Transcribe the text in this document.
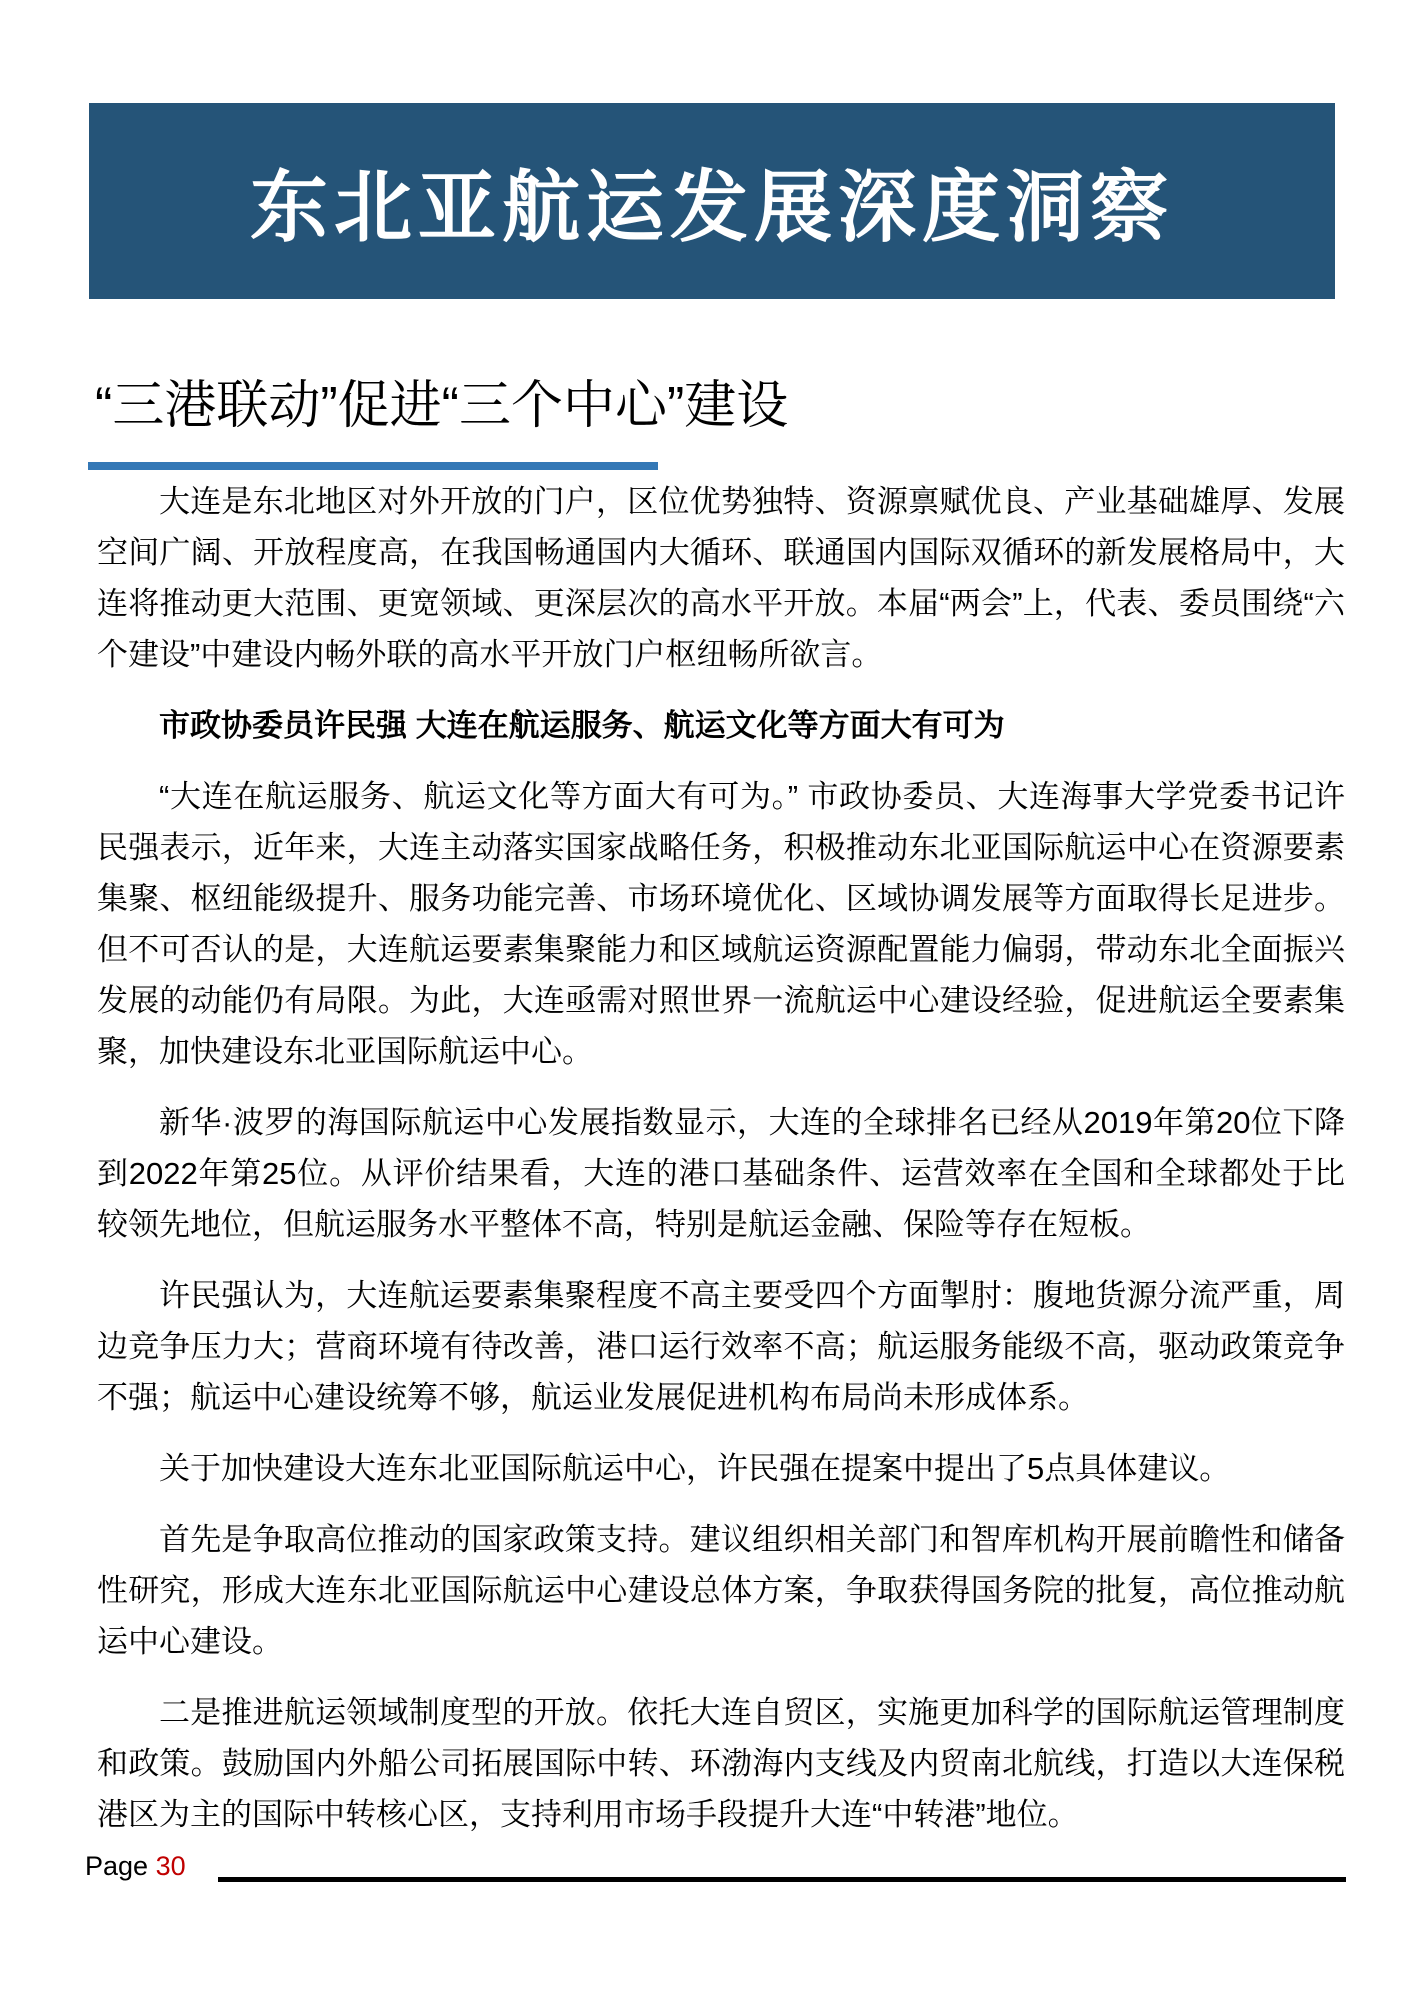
东北亚航运发展深度洞察
“三港联动”促进“三个中心”建设

大连是东北地区对外开放的门户，区位优势独特、资源禀赋优良、产业基础雄厚、发展空间广阔、开放程度高，在我国畅通国内大循环、联通国内国际双循环的新发展格局中，大连将推动更大范围、更宽领域、更深层次的高水平开放。本届“两会”上，代表、委员围绕“六个建设”中建设内畅外联的高水平开放门户枢纽畅所欲言。

市政协委员许民强 大连在航运服务、航运文化等方面大有可为

“大连在航运服务、航运文化等方面大有可为。” 市政协委员、大连海事大学党委书记许民强表示，近年来，大连主动落实国家战略任务，积极推动东北亚国际航运中心在资源要素集聚、枢纽能级提升、服务功能完善、市场环境优化、区域协调发展等方面取得长足进步。但不可否认的是，大连航运要素集聚能力和区域航运资源配置能力偏弱，带动东北全面振兴发展的动能仍有局限。为此，大连亟需对照世界一流航运中心建设经验，促进航运全要素集聚，加快建设东北亚国际航运中心。

新华·波罗的海国际航运中心发展指数显示，大连的全球排名已经从2019年第20位下降到2022年第25位。从评价结果看，大连的港口基础条件、运营效率在全国和全球都处于比较领先地位，但航运服务水平整体不高，特别是航运金融、保险等存在短板。

许民强认为，大连航运要素集聚程度不高主要受四个方面掣肘：腹地货源分流严重，周边竞争压力大；营商环境有待改善，港口运行效率不高；航运服务能级不高，驱动政策竞争不强；航运中心建设统筹不够，航运业发展促进机构布局尚未形成体系。

关于加快建设大连东北亚国际航运中心，许民强在提案中提出了5点具体建议。

首先是争取高位推动的国家政策支持。建议组织相关部门和智库机构开展前瞻性和储备性研究，形成大连东北亚国际航运中心建设总体方案，争取获得国务院的批复，高位推动航运中心建设。

二是推进航运领域制度型的开放。依托大连自贸区，实施更加科学的国际航运管理制度和政策。鼓励国内外船公司拓展国际中转、环渤海内支线及内贸南北航线，打造以大连保税港区为主的国际中转核心区，支持利用市场手段提升大连“中转港”地位。

Page 30
